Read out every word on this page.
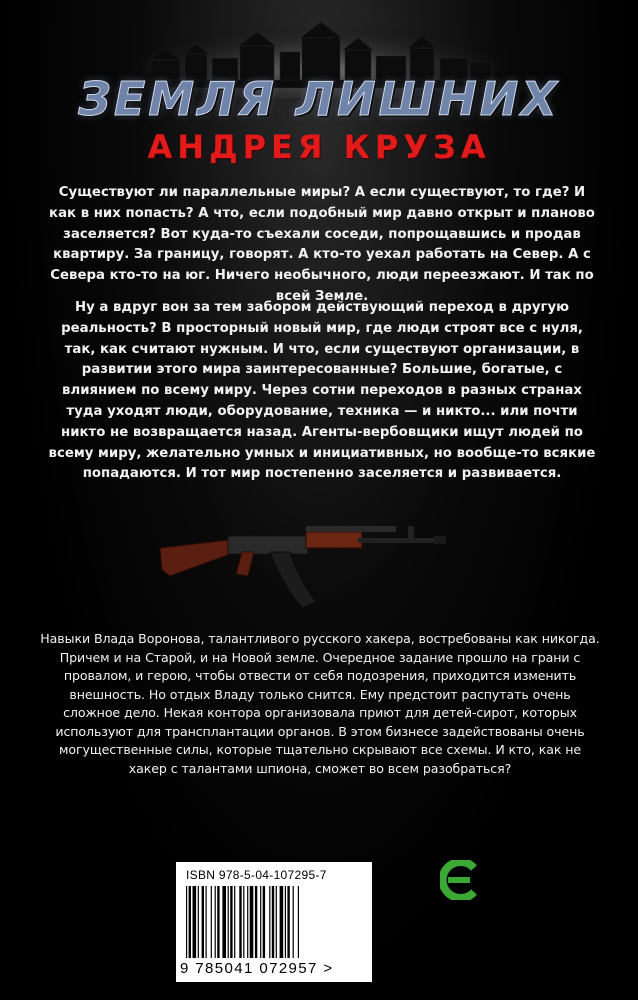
ЗЕМЛЯ ЛИШНИХ
АНДРЕЯ КРУЗА

Существуют ли параллельные миры? А если существуют, то где? И как в них попасть? А что, если подобный мир давно открыт и планово заселяется? Вот куда-то съехали соседи, попрощавшись и продав квартиру. За границу, говорят. А кто-то уехал работать на Север. А с Севера кто-то на юг. Ничего необычного, люди переезжают. И так по всей Земле.

Ну а вдруг вон за тем забором действующий переход в другую реальность? В просторный новый мир, где люди строят все с нуля, так, как считают нужным. И что, если существуют организации, в развитии этого мира заинтересованные? Большие, богатые, с влиянием по всему миру. Через сотни переходов в разных странах туда уходят люди, оборудование, техника — и никто... или почти никто не возвращается назад. Агенты-вербовщики ищут людей по всему миру, желательно умных и инициативных, но вообще-то всякие попадаются. И тот мир постепенно заселяется и развивается.

Навыки Влада Воронова, талантливого русского хакера, востребованы как никогда. Причем и на Старой, и на Новой земле. Очередное задание прошло на грани с провалом, и герою, чтобы отвести от себя подозрения, приходится изменить внешность. Но отдых Владу только снится. Ему предстоит распутать очень сложное дело. Некая контора организовала приют для детей-сирот, которых используют для трансплантации органов. В этом бизнесе задействованы очень могущественные силы, которые тщательно скрывают все схемы. И кто, как не хакер с талантами шпиона, сможет во всем разобраться?

ISBN 978-5-04-107295-7
9 785041 072957 >
